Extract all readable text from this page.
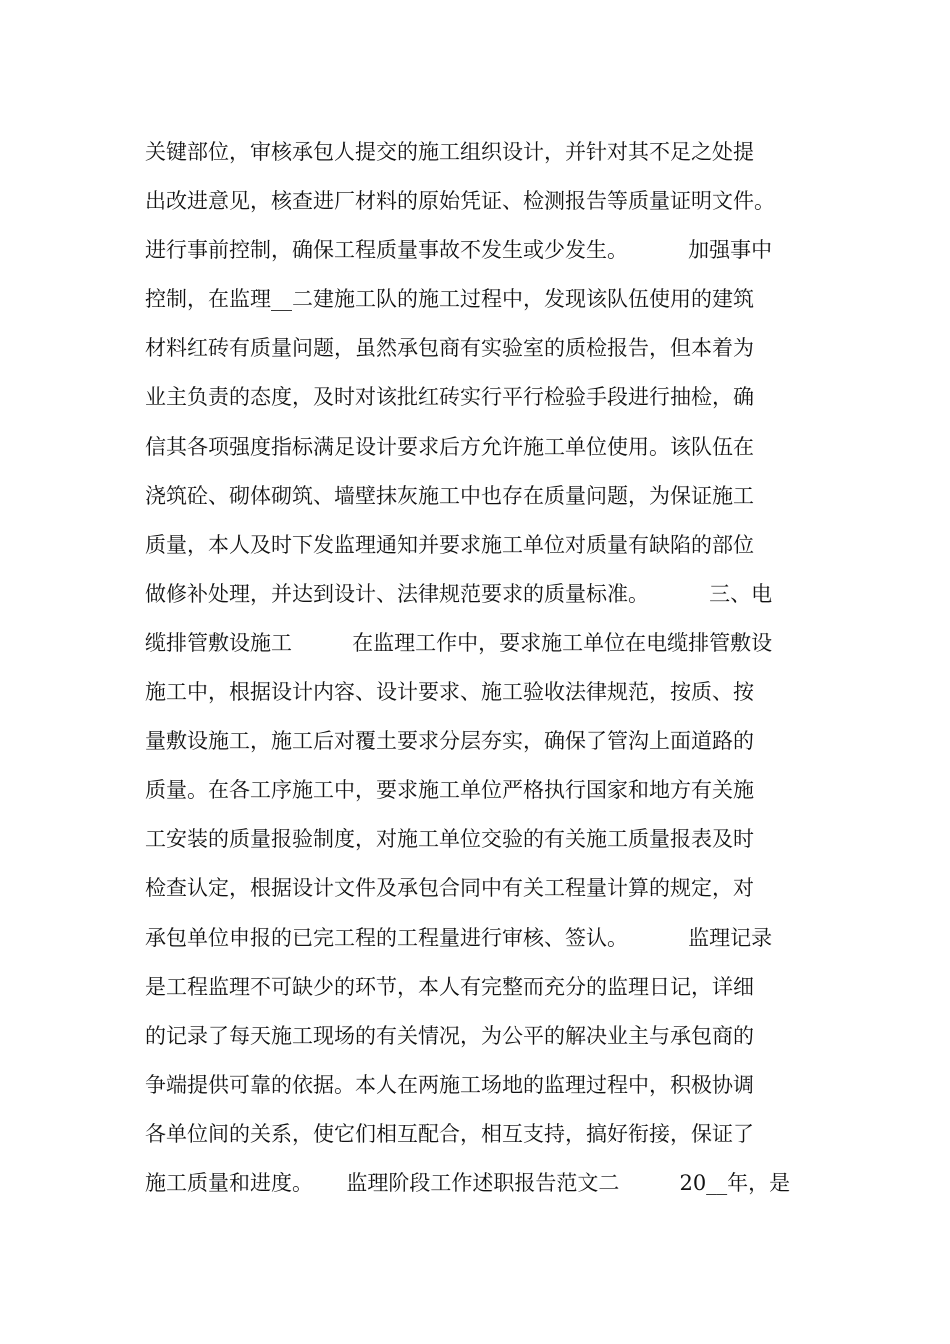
关键部位，审核承包人提交的施工组织设计，并针对其不足之处提
出改进意见，核查进厂材料的原始凭证、检测报告等质量证明文件。
进行事前控制，确保工程质量事故不发生或少发生。         加强事中
控制，在监理__二建施工队的施工过程中，发现该队伍使用的建筑
材料红砖有质量问题，虽然承包商有实验室的质检报告，但本着为
业主负责的态度，及时对该批红砖实行平行检验手段进行抽检，确
信其各项强度指标满足设计要求后方允许施工单位使用。该队伍在
浇筑砼、砌体砌筑、墙壁抹灰施工中也存在质量问题，为保证施工
质量，本人及时下发监理通知并要求施工单位对质量有缺陷的部位
做修补处理，并达到设计、法律规范要求的质量标准。         三、电
缆排管敷设施工         在监理工作中，要求施工单位在电缆排管敷设
施工中，根据设计内容、设计要求、施工验收法律规范，按质、按
量敷设施工，施工后对覆土要求分层夯实，确保了管沟上面道路的
质量。在各工序施工中，要求施工单位严格执行国家和地方有关施
工安装的质量报验制度，对施工单位交验的有关施工质量报表及时
检查认定，根据设计文件及承包合同中有关工程量计算的规定，对
承包单位申报的已完工程的工程量进行审核、签认。         监理记录
是工程监理不可缺少的环节，本人有完整而充分的监理日记，详细
的记录了每天施工现场的有关情况，为公平的解决业主与承包商的
争端提供可靠的依据。本人在两施工场地的监理过程中，积极协调
各单位间的关系，使它们相互配合，相互支持，搞好衔接，保证了
施工质量和进度。     监理阶段工作述职报告范文二         20__年，是
